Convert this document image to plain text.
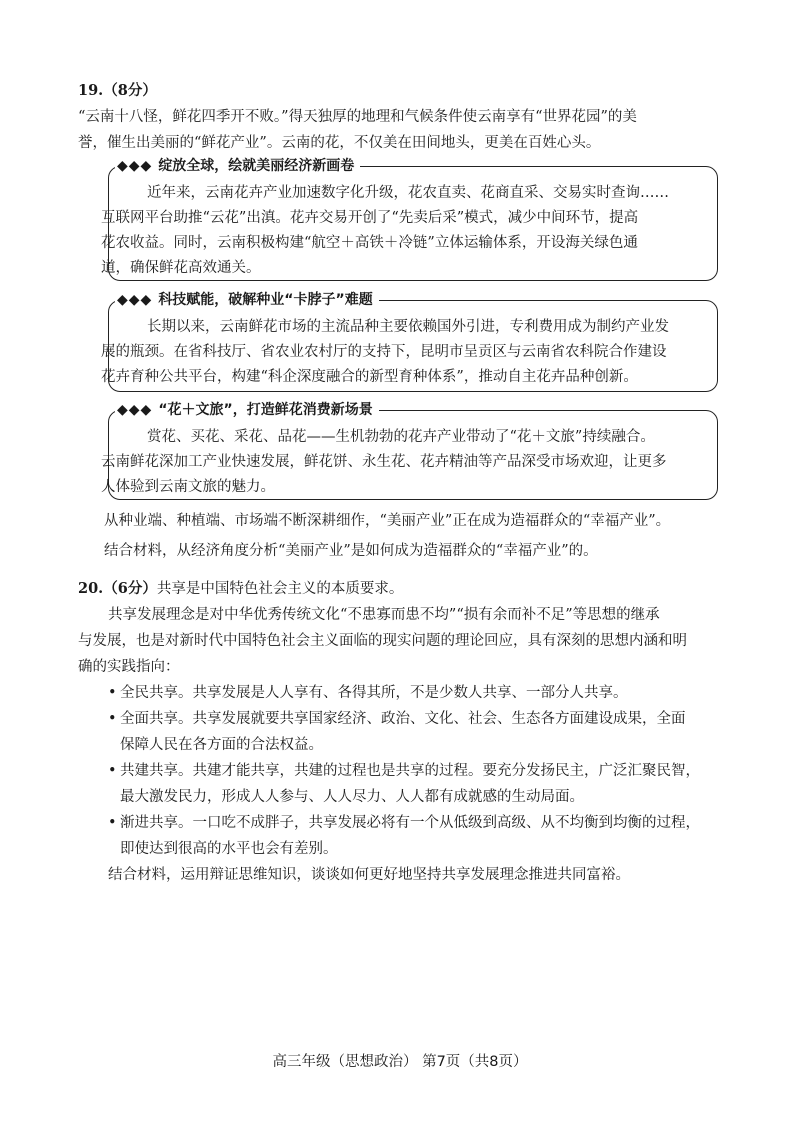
19.（8分）
“云南十八怪，鲜花四季开不败。”得天独厚的地理和气候条件使云南享有“世界花园”的美
誉，催生出美丽的“鲜花产业”。云南的花，不仅美在田间地头，更美在百姓心头。
◆◆◆ 绽放全球，绘就美丽经济新画卷
近年来，云南花卉产业加速数字化升级，花农直卖、花商直采、交易实时查询……
互联网平台助推“云花”出滇。花卉交易开创了“先卖后采”模式，减少中间环节，提高
花农收益。同时，云南积极构建“航空＋高铁＋冷链”立体运输体系，开设海关绿色通
道，确保鲜花高效通关。
◆◆◆ 科技赋能，破解种业“卡脖子”难题
长期以来，云南鲜花市场的主流品种主要依赖国外引进，专利费用成为制约产业发
展的瓶颈。在省科技厅、省农业农村厅的支持下，昆明市呈贡区与云南省农科院合作建设
花卉育种公共平台，构建“科企深度融合的新型育种体系”，推动自主花卉品种创新。
◆◆◆ “花＋文旅”，打造鲜花消费新场景
赏花、买花、采花、品花——生机勃勃的花卉产业带动了“花＋文旅”持续融合。
云南鲜花深加工产业快速发展，鲜花饼、永生花、花卉精油等产品深受市场欢迎，让更多
人体验到云南文旅的魅力。
从种业端、种植端、市场端不断深耕细作，“美丽产业”正在成为造福群众的“幸福产业”。
结合材料，从经济角度分析“美丽产业”是如何成为造福群众的“幸福产业”的。
20.（6分）共享是中国特色社会主义的本质要求。
共享发展理念是对中华优秀传统文化“不患寡而患不均”“损有余而补不足”等思想的继承
与发展，也是对新时代中国特色社会主义面临的现实问题的理论回应，具有深刻的思想内涵和明
确的实践指向：
• 全民共享。共享发展是人人享有、各得其所，不是少数人共享、一部分人共享。
• 全面共享。共享发展就要共享国家经济、政治、文化、社会、生态各方面建设成果，全面
保障人民在各方面的合法权益。
• 共建共享。共建才能共享，共建的过程也是共享的过程。要充分发扬民主，广泛汇聚民智，
最大激发民力，形成人人参与、人人尽力、人人都有成就感的生动局面。
• 渐进共享。一口吃不成胖子，共享发展必将有一个从低级到高级、从不均衡到均衡的过程，
即使达到很高的水平也会有差别。
结合材料，运用辩证思维知识，谈谈如何更好地坚持共享发展理念推进共同富裕。
高三年级（思想政治） 第7页（共8页）
